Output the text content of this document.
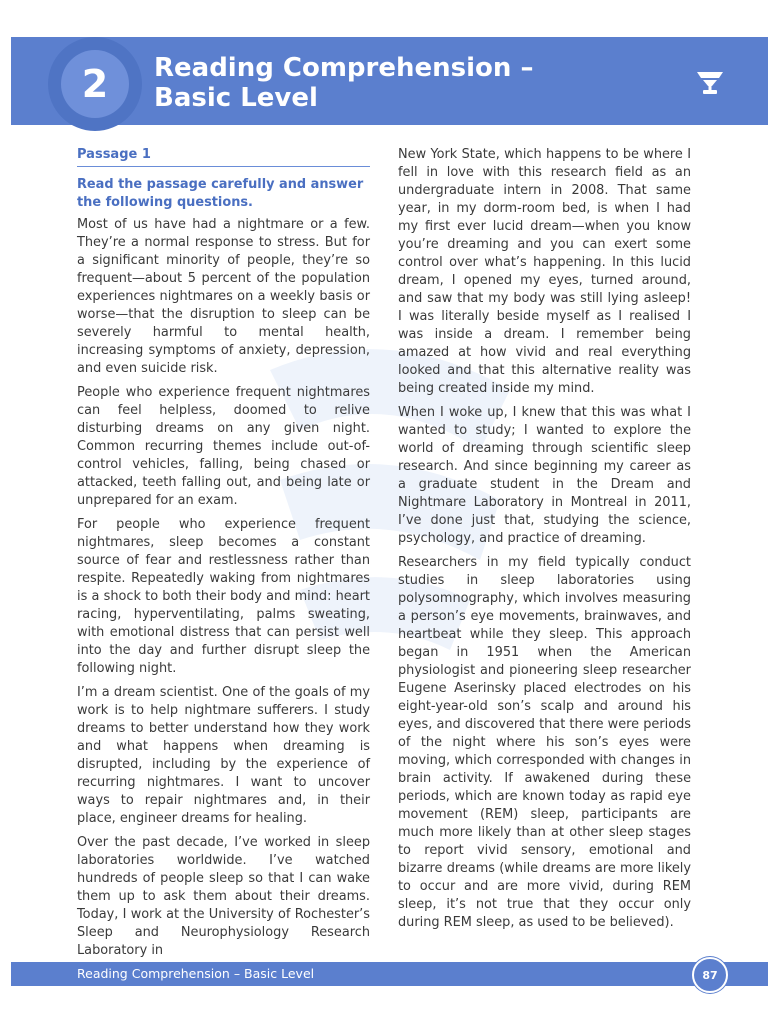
2	Reading Comprehension –
Basic Level
Passage 1

Read the passage carefully and answer the following questions.

Most of us have had a nightmare or a few. They’re a normal response to stress. But for a significant minority of people, they’re so frequent—about 5 percent of the population experiences nightmares on a weekly basis or worse—that the disruption to sleep can be severely harmful to mental health, increasing symptoms of anxiety, depression, and even suicide risk.

People who experience frequent nightmares can feel helpless, doomed to relive disturbing dreams on any given night. Common recurring themes include out-of-control vehicles, falling, being chased or attacked, teeth falling out, and being late or unprepared for an exam.

For people who experience frequent nightmares, sleep becomes a constant source of fear and restlessness rather than respite. Repeatedly waking from nightmares is a shock to both their body and mind: heart racing, hyperventilating, palms sweating, with emotional distress that can persist well into the day and further disrupt sleep the following night.

I’m a dream scientist. One of the goals of my work is to help nightmare sufferers. I study dreams to better understand how they work and what happens when dreaming is disrupted, including by the experience of recurring nightmares. I want to uncover ways to repair nightmares and, in their place, engineer dreams for healing.

Over the past decade, I’ve worked in sleep laboratories worldwide. I’ve watched hundreds of people sleep so that I can wake them up to ask them about their dreams. Today, I work at the University of Rochester’s Sleep and Neurophysiology Research Laboratory in

New York State, which happens to be where I fell in love with this research field as an undergraduate intern in 2008. That same year, in my dorm-room bed, is when I had my first ever lucid dream—when you know you’re dreaming and you can exert some control over what’s happening. In this lucid dream, I opened my eyes, turned around, and saw that my body was still lying asleep! I was literally beside myself as I realised I was inside a dream. I remember being amazed at how vivid and real everything looked and that this alternative reality was being created inside my mind.

When I woke up, I knew that this was what I wanted to study; I wanted to explore the world of dreaming through scientific sleep research. And since beginning my career as a graduate student in the Dream and Nightmare Laboratory in Montreal in 2011, I’ve done just that, studying the science, psychology, and practice of dreaming.

Researchers in my field typically conduct studies in sleep laboratories using polysomnography, which involves measuring a person’s eye movements, brainwaves, and heartbeat while they sleep. This approach began in 1951 when the American physiologist and pioneering sleep researcher Eugene Aserinsky placed electrodes on his eight-year-old son’s scalp and around his eyes, and discovered that there were periods of the night where his son’s eyes were moving, which corresponded with changes in brain activity. If awakened during these periods, which are known today as rapid eye movement (REM) sleep, participants are much more likely than at other sleep stages to report vivid sensory, emotional and bizarre dreams (while dreams are more likely to occur and are more vivid, during REM sleep, it’s not true that they occur only during REM sleep, as used to be believed).

Reading Comprehension – Basic Level	87
